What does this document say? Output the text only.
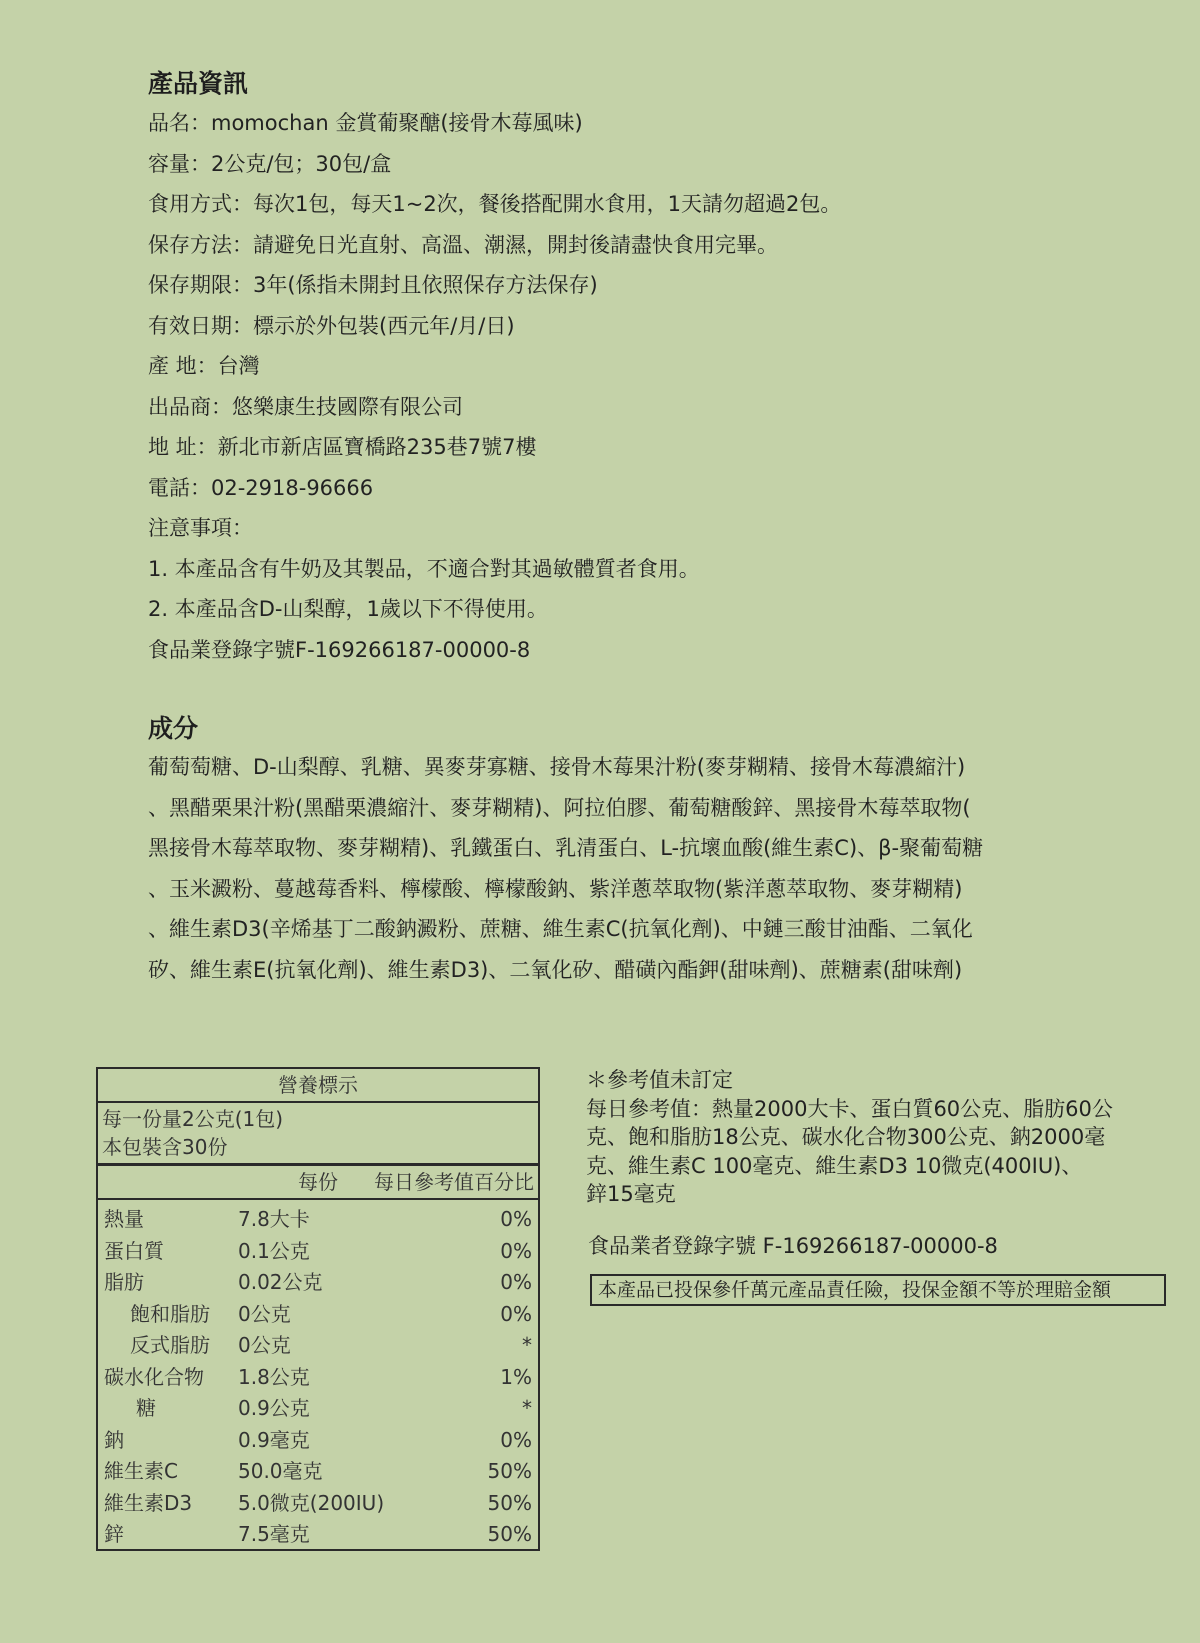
產品資訊
品名：momochan 金賞葡聚醣(接骨木莓風味)
容量：2公克/包；30包/盒
食用方式：每次1包，每天1~2次，餐後搭配開水食用，1天請勿超過2包。
保存方法：請避免日光直射、高溫、潮濕，開封後請盡快食用完畢。
保存期限：3年(係指未開封且依照保存方法保存)
有效日期：標示於外包裝(西元年/月/日)
產 地：台灣
出品商：悠樂康生技國際有限公司
地 址：新北市新店區寶橋路235巷7號7樓
電話：02-2918-96666
注意事項：
1. 本產品含有牛奶及其製品，不適合對其過敏體質者食用。
2. 本產品含D-山梨醇，1歲以下不得使用。
食品業登錄字號F-169266187-00000-8
成分
葡萄萄糖、D-山梨醇、乳糖、異麥芽寡糖、接骨木莓果汁粉(麥芽糊精、接骨木莓濃縮汁)
、黑醋栗果汁粉(黑醋栗濃縮汁、麥芽糊精)、阿拉伯膠、葡萄糖酸鋅、黑接骨木莓萃取物(
黑接骨木莓萃取物、麥芽糊精)、乳鐵蛋白、乳清蛋白、L-抗壞血酸(維生素C)、β-聚葡萄糖
、玉米澱粉、蔓越莓香料、檸檬酸、檸檬酸鈉、紫洋蔥萃取物(紫洋蔥萃取物、麥芽糊精)
、維生素D3(辛烯基丁二酸鈉澱粉、蔗糖、維生素C(抗氧化劑)、中鏈三酸甘油酯、二氧化
矽、維生素E(抗氧化劑)、維生素D3)、二氧化矽、醋磺內酯鉀(甜味劑)、蔗糖素(甜味劑)
營養標示
每一份量2公克(1包)
本包裝含30份
每份	每日參考值百分比
熱量	7.8大卡	0%
蛋白質	0.1公克	0%
脂肪	0.02公克	0%
飽和脂肪 0公克	0%
反式脂肪 0公克	*
碳水化合物 1.8公克	1%
糖	0.9公克	*
鈉	0.9毫克	0%
維生素C	50.0毫克	50%
維生素D3 5.0微克(200IU)	50%
鋅	7.5毫克	50%
＊參考值未訂定
每日參考值：熱量2000大卡、蛋白質60公克、脂肪60公
克、飽和脂肪18公克、碳水化合物300公克、鈉2000毫
克、維生素C 100毫克、維生素D3 10微克(400IU)、
鋅15毫克
食品業者登錄字號 F-169266187-00000-8
本產品已投保參仟萬元產品責任險，投保金額不等於理賠金額
